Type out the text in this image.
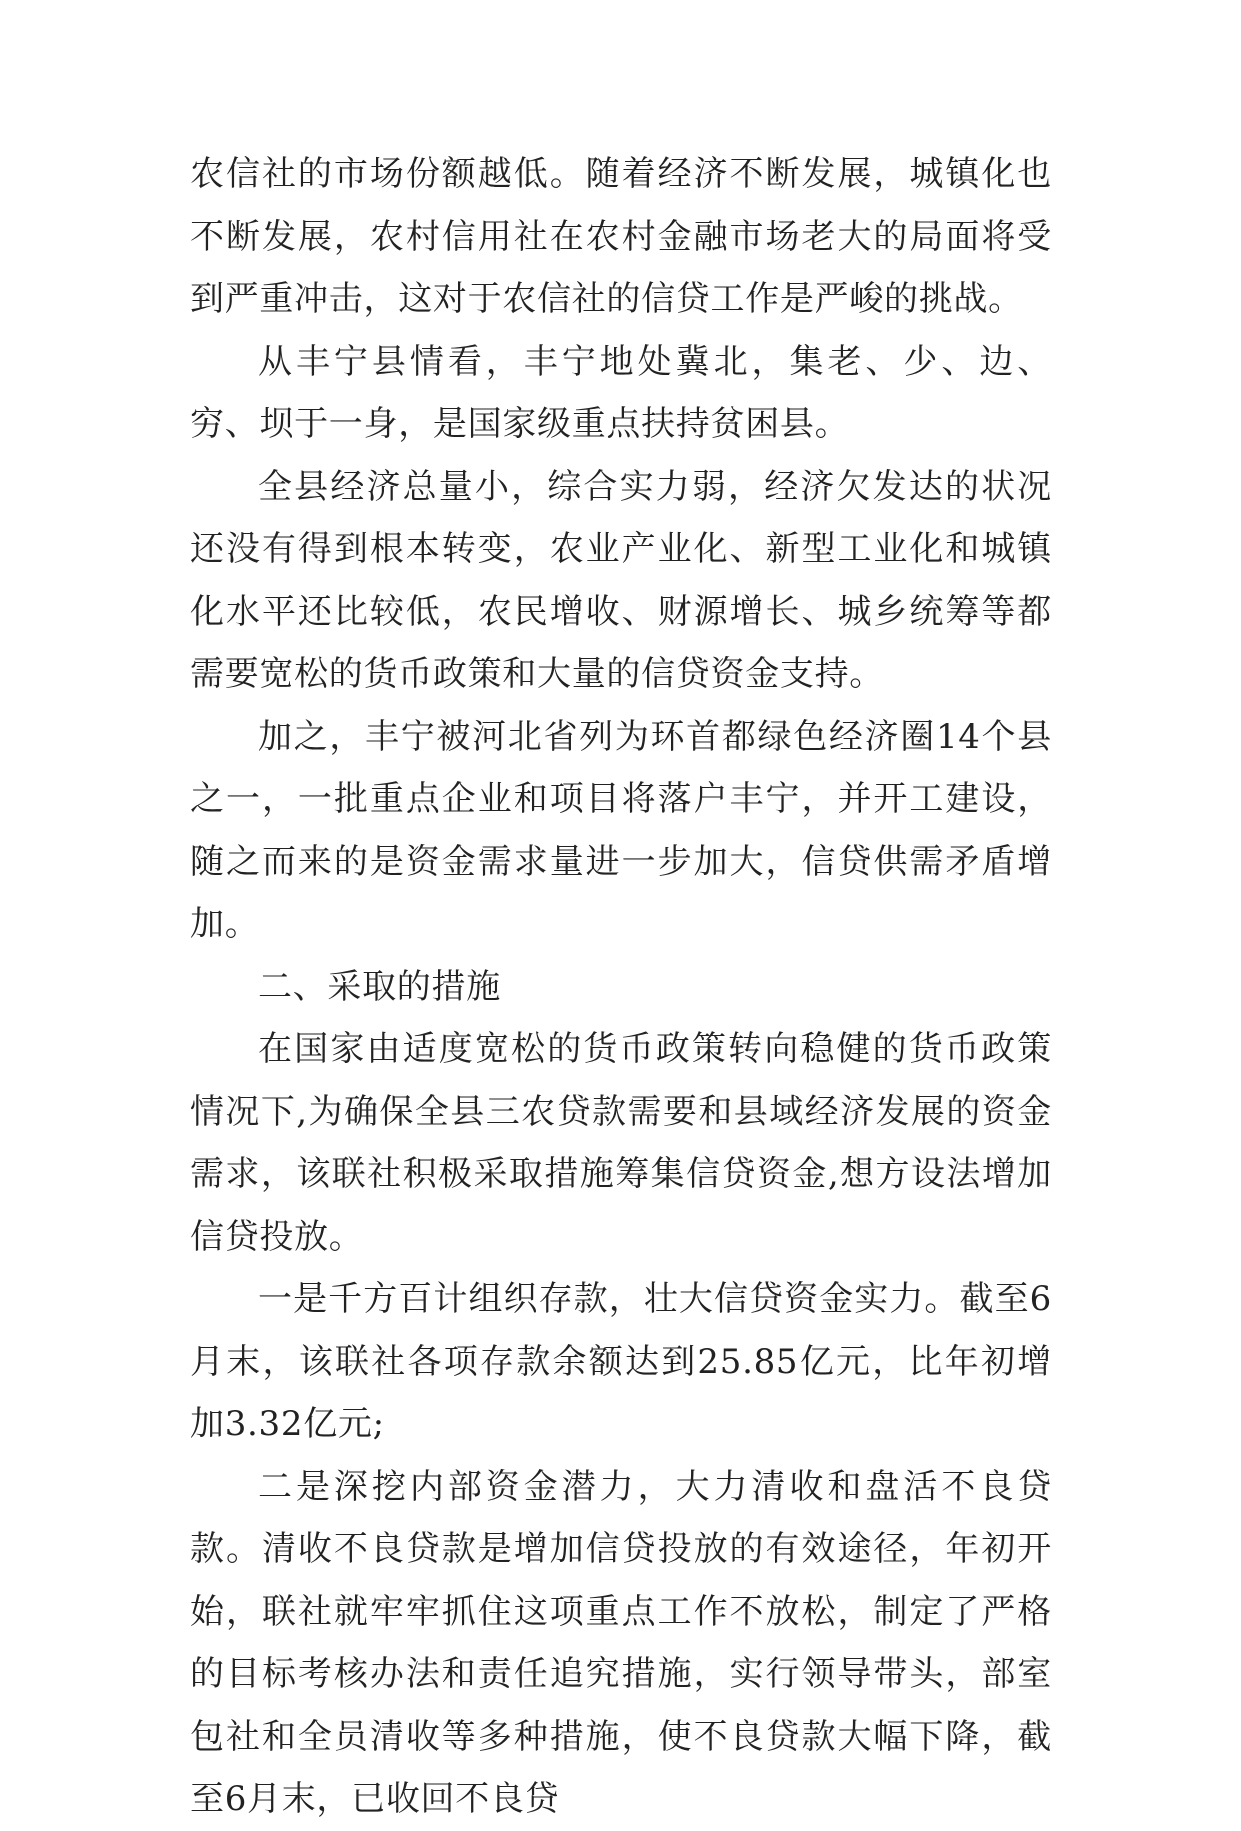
农信社的市场份额越低。随着经济不断发展，城镇化也不断发展，农村信用社在农村金融市场老大的局面将受到严重冲击，这对于农信社的信贷工作是严峻的挑战。

从丰宁县情看，丰宁地处冀北，集老、少、边、穷、坝于一身，是国家级重点扶持贫困县。

全县经济总量小，综合实力弱，经济欠发达的状况还没有得到根本转变，农业产业化、新型工业化和城镇化水平还比较低，农民增收、财源增长、城乡统筹等都需要宽松的货币政策和大量的信贷资金支持。

加之，丰宁被河北省列为环首都绿色经济圈14个县之一，一批重点企业和项目将落户丰宁，并开工建设，随之而来的是资金需求量进一步加大，信贷供需矛盾增加。

二、采取的措施

在国家由适度宽松的货币政策转向稳健的货币政策情况下,为确保全县三农贷款需要和县域经济发展的资金需求，该联社积极采取措施筹集信贷资金,想方设法增加信贷投放。

一是千方百计组织存款，壮大信贷资金实力。截至6月末，该联社各项存款余额达到25.85亿元，比年初增加3.32亿元;

二是深挖内部资金潜力，大力清收和盘活不良贷款。清收不良贷款是增加信贷投放的有效途径，年初开始，联社就牢牢抓住这项重点工作不放松，制定了严格的目标考核办法和责任追究措施，实行领导带头，部室包社和全员清收等多种措施，使不良贷款大幅下降，截至6月末，已收回不良贷
